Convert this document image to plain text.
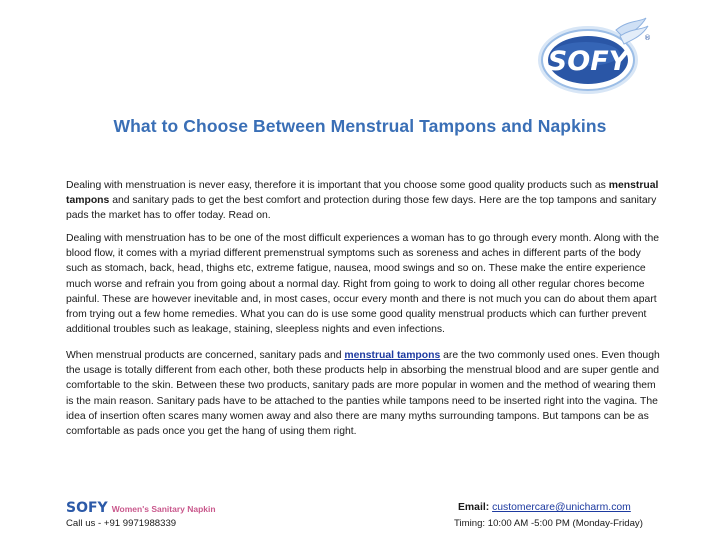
SOFY
®
What to Choose Between Menstrual Tampons and Napkins
Dealing with menstruation is never easy, therefore it is important that you choose some good quality products such as menstrual tampons and sanitary pads to get the best comfort and protection during those few days. Here are the top tampons and sanitary pads the market has to offer today. Read on.
Dealing with menstruation has to be one of the most difficult experiences a woman has to go through every month. Along with the blood flow, it comes with a myriad different premenstrual symptoms such as soreness and aches in different parts of the body such as stomach, back, head, thighs etc, extreme fatigue, nausea, mood swings and so on. These make the entire experience much worse and refrain you from going about a normal day. Right from going to work to doing all other regular chores become painful. These are however inevitable and, in most cases, occur every month and there is not much you can do about them apart from trying out a few home remedies. What you can do is use some good quality menstrual products which can further prevent additional troubles such as leakage, staining, sleepless nights and even infections.
When menstrual products are concerned, sanitary pads and menstrual tampons are the two commonly used ones. Even though the usage is totally different from each other, both these products help in absorbing the menstrual blood and are super gentle and comfortable to the skin. Between these two products, sanitary pads are more popular in women and the method of wearing them is the main reason. Sanitary pads have to be attached to the panties while tampons need to be inserted right into the vagina. The idea of insertion often scares many women away and also there are many myths surrounding tampons. But tampons can be as comfortable as pads once you get the hang of using them right.
SOFY Women's Sanitary Napkin	Email: customercare@unicharm.com
Call us - +91 9971988339	Timing: 10:00 AM -5:00 PM (Monday-Friday)
